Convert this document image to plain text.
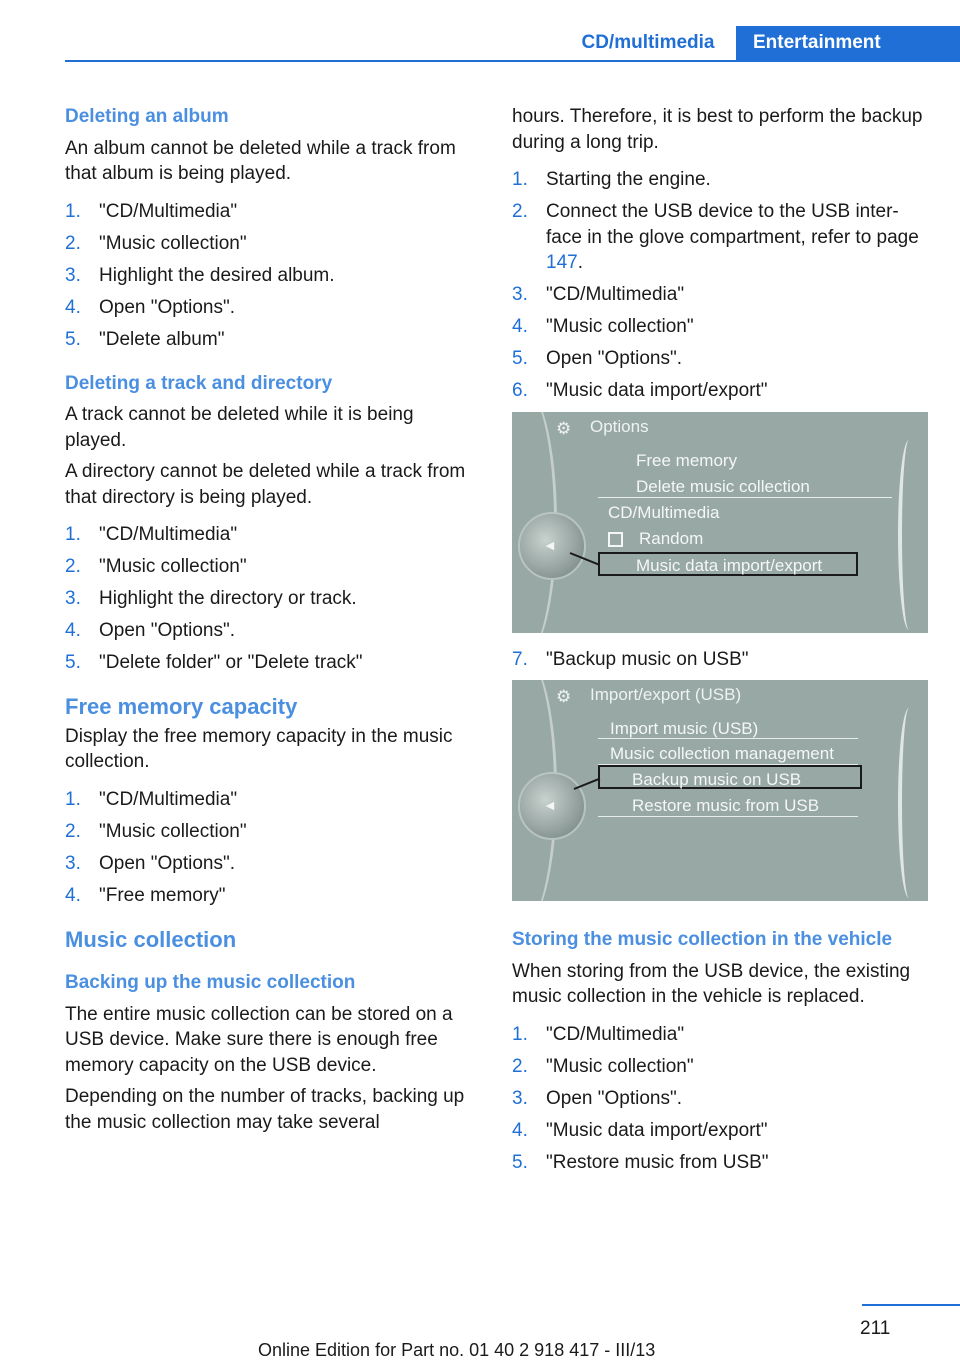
CD/multimedia	Entertainment
Deleting an album

An album cannot be deleted while a track from that album is being played.

1. "CD/Multimedia"
2. "Music collection"
3. Highlight the desired album.
4. Open "Options".
5. "Delete album"
Deleting a track and directory

A track cannot be deleted while it is being played.

A directory cannot be deleted while a track from that directory is being played.

1. "CD/Multimedia"
2. "Music collection"
3. Highlight the directory or track.
4. Open "Options".
5. "Delete folder" or "Delete track"
Free memory capacity

Display the free memory capacity in the music collection.

1. "CD/Multimedia"
2. "Music collection"
3. Open "Options".
4. "Free memory"
Music collection
Backing up the music collection

The entire music collection can be stored on a USB device. Make sure there is enough free memory capacity on the USB device.

Depending on the number of tracks, backing up the music collection may take several

hours. Therefore, it is best to perform the backup during a long trip.

1. Starting the engine.
2. Connect the USB device to the USB interface in the glove compartment, refer to page 147.
3. "CD/Multimedia"
4. "Music collection"
5. Open "Options".
6. "Music data import/export"
⚙	Options
Free memory
Delete music collection
CD/Multimedia
Random
Music data import/export
◄
7. "Backup music on USB"
⚙	Import/export (USB)
Import music (USB)
Music collection management
Backup music on USB
Restore music from USB
◄
Storing the music collection in the vehicle

When storing from the USB device, the existing music collection in the vehicle is replaced.

1. "CD/Multimedia"
2. "Music collection"
3. Open "Options".
4. "Music data import/export"
5. "Restore music from USB"
211
Online Edition for Part no. 01 40 2 918 417 - III/13
